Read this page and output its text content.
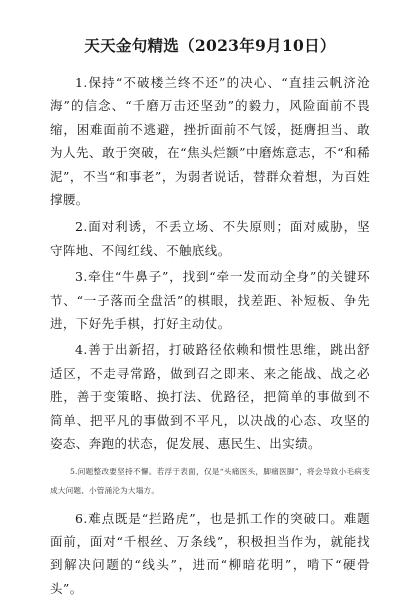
天天金句精选（2023年9月10日）

1.保持“不破楼兰终不还”的决心、“直挂云帆济沧海”的信念、“千磨万击还坚劲”的毅力，风险面前不畏缩，困难面前不逃避，挫折面前不气馁，挺膺担当、敢为人先、敢于突破，在“焦头烂额”中磨炼意志，不“和稀泥”，不当“和事老”，为弱者说话，替群众着想，为百姓撑腰。

2.面对利诱，不丢立场、不失原则；面对威胁，坚守阵地、不闯红线、不触底线。

3.牵住“牛鼻子”，找到“牵一发而动全身”的关键环节、“一子落而全盘活”的棋眼，找差距、补短板、争先进，下好先手棋，打好主动仗。

4.善于出新招，打破路径依赖和惯性思维，跳出舒适区，不走寻常路，做到召之即来、来之能战、战之必胜，善于变策略、换打法、优路径，把简单的事做到不简单、把平凡的事做到不平凡，以决战的心态、攻坚的姿态、奔跑的状态，促发展、惠民生、出实绩。

5.问题整改要坚持不懈。若浮于表面，仅是“头痛医头，脚痛医脚”，将会导致小毛病变成大问题、小管涌沦为大塌方。

6.难点既是“拦路虎”，也是抓工作的突破口。难题面前，面对“千根丝、万条线”，积极担当作为，就能找到解决问题的“线头”，进而“柳暗花明”，啃下“硬骨头”。
